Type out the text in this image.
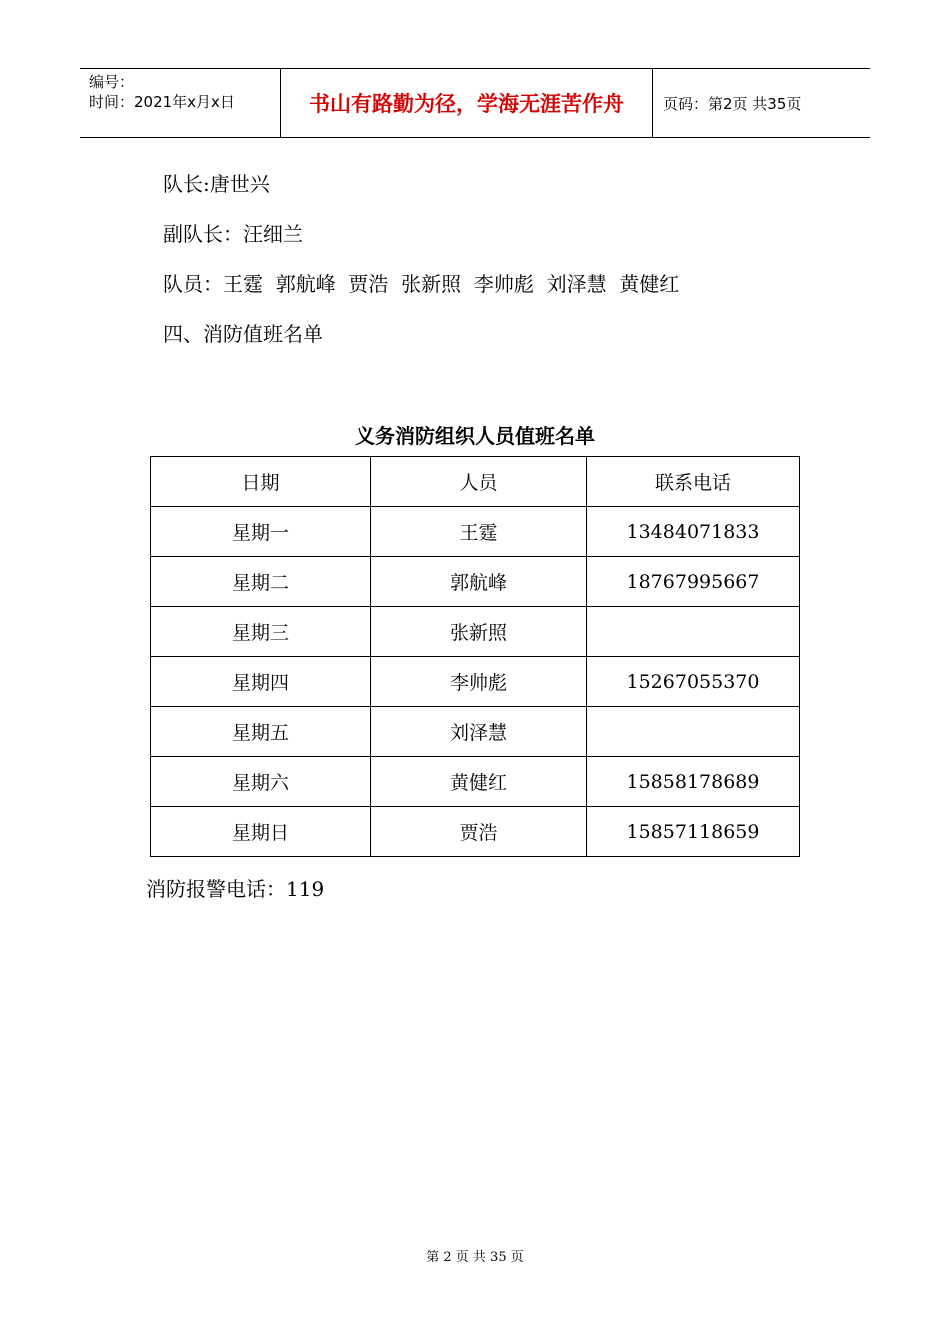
编号：
时间：2021年x月x日	书山有路勤为径，学海无涯苦作舟	页码：第2页 共35页
队长:唐世兴
副队长：汪细兰
队员：王霆  郭航峰  贾浩  张新照  李帅彪  刘泽慧  黄健红
四、消防值班名单
义务消防组织人员值班名单
日期	人员	联系电话
星期一	王霆	13484071833
星期二	郭航峰	18767995667
星期三	张新照	
星期四	李帅彪	15267055370
星期五	刘泽慧	
星期六	黄健红	15858178689
星期日	贾浩	15857118659
消防报警电话：119
第 2 页 共 35 页
